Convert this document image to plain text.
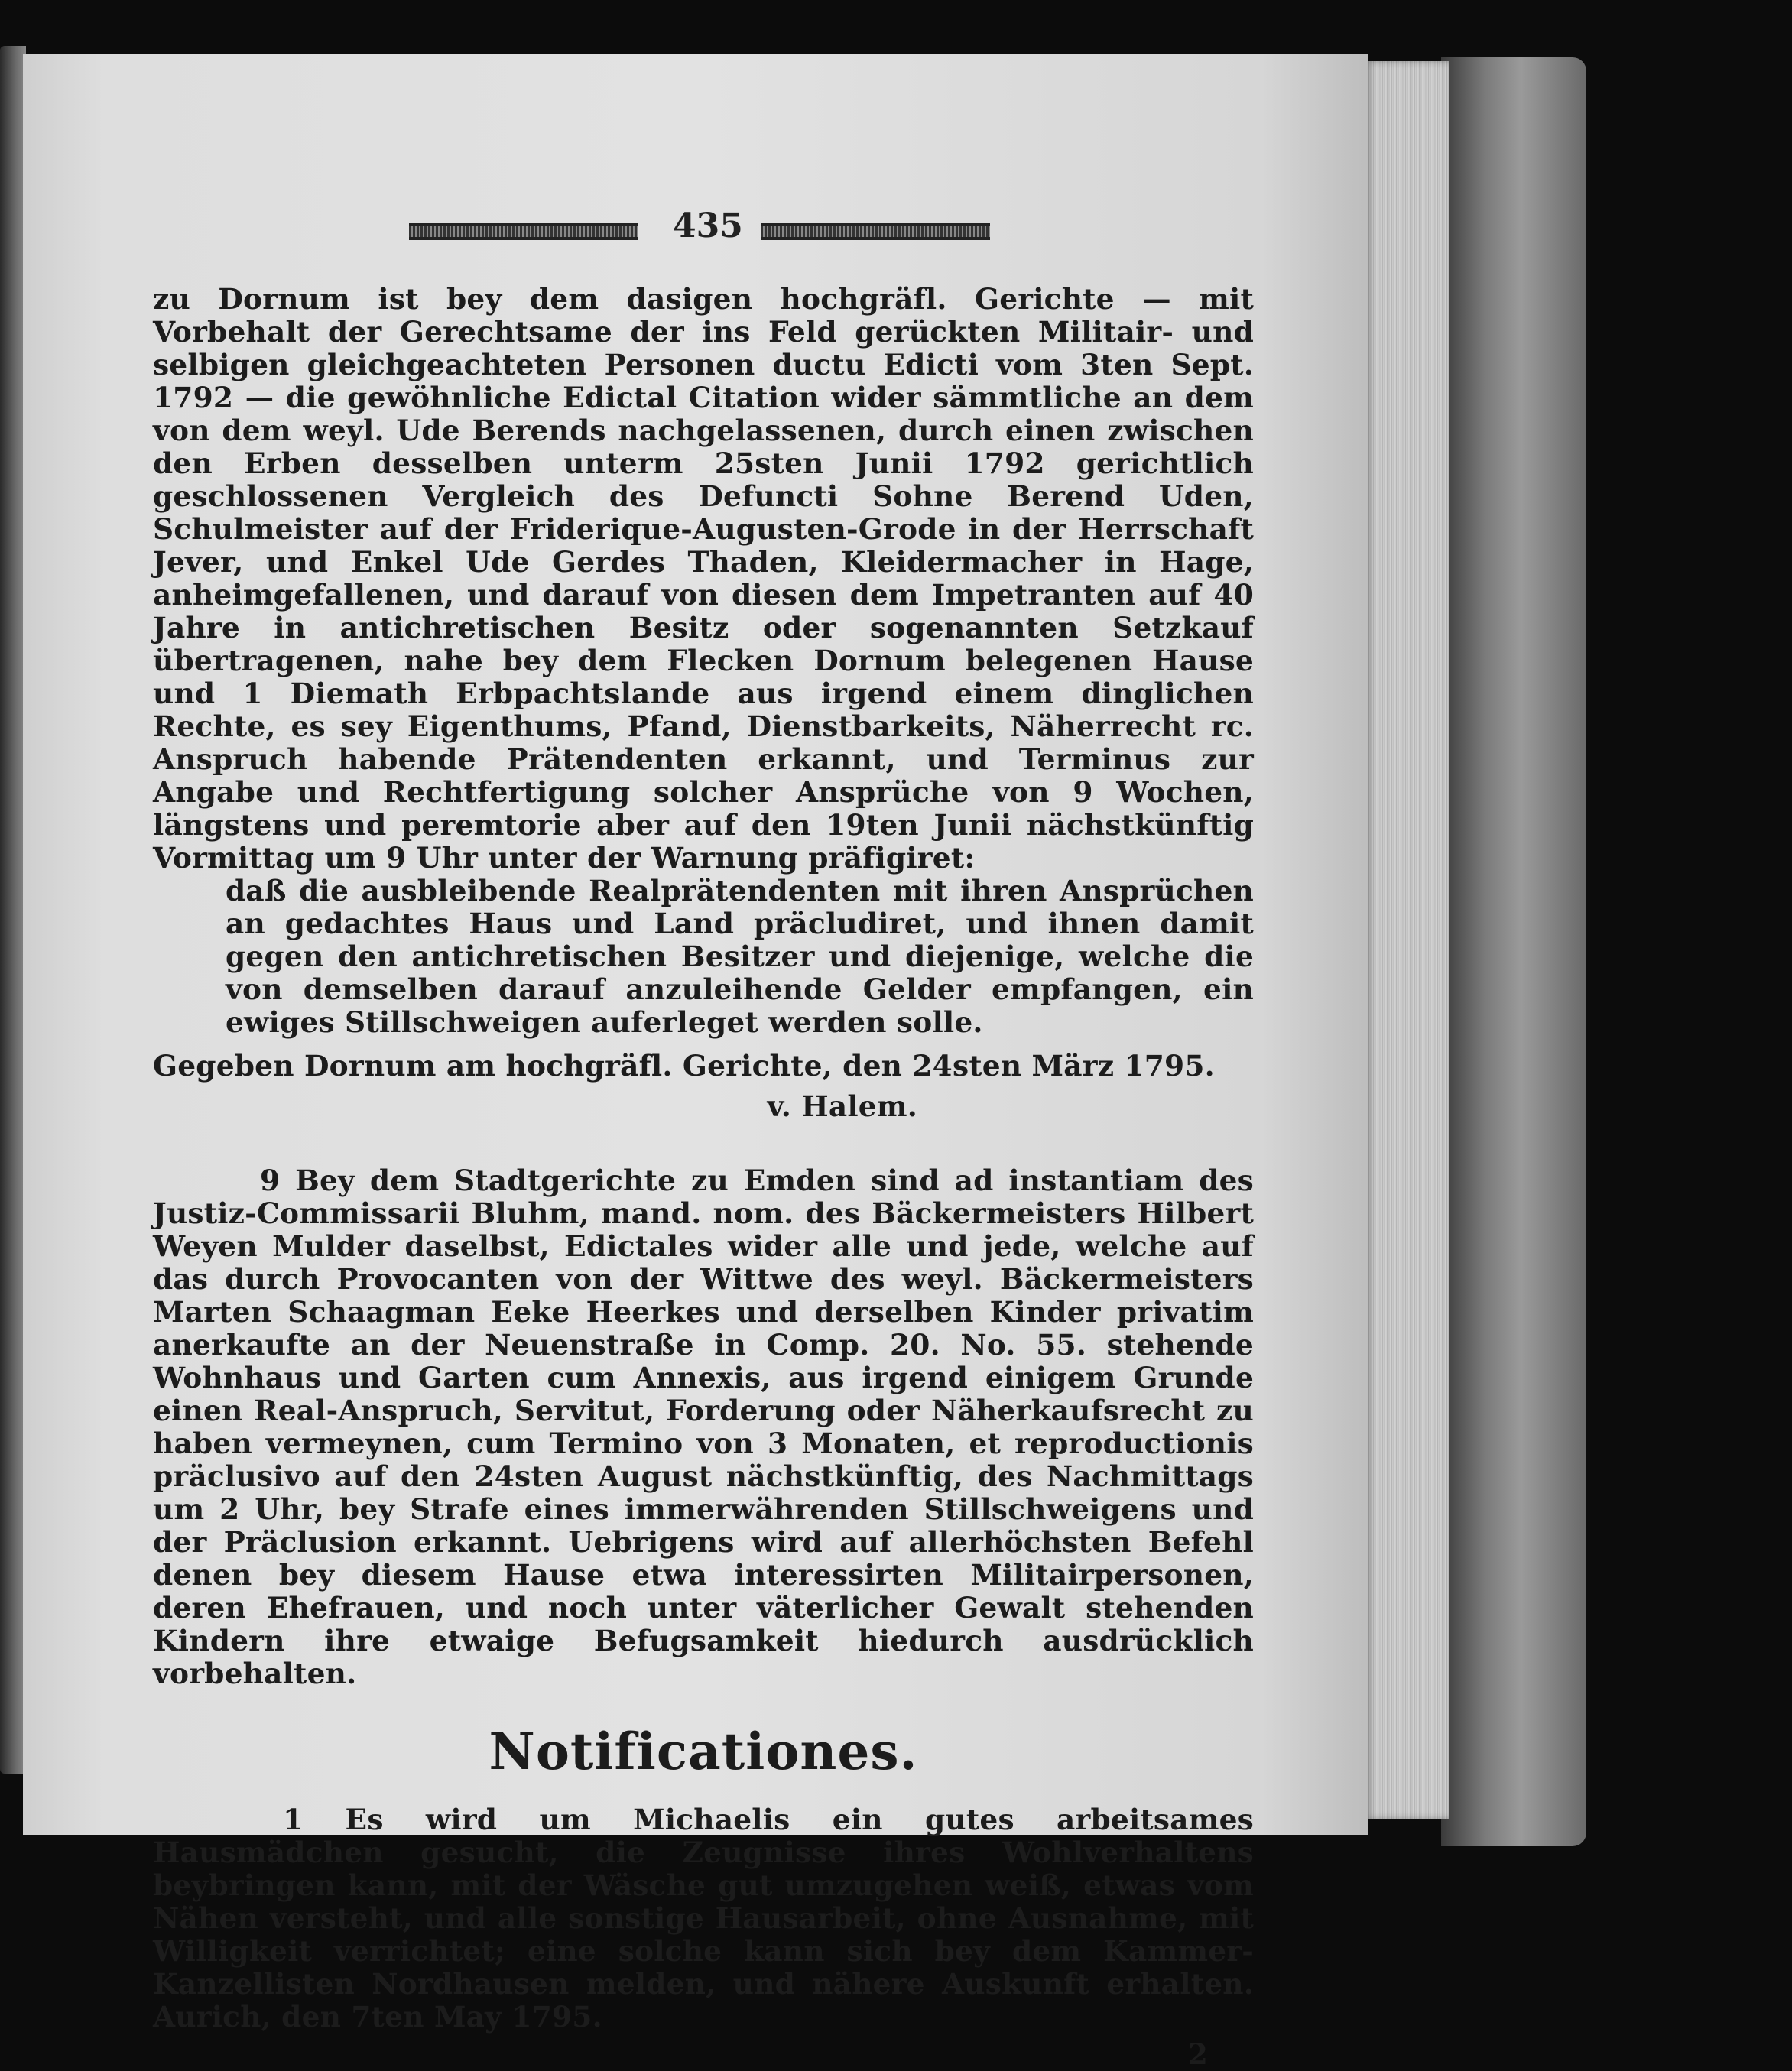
435

zu Dornum ist bey dem dasigen hochgräfl. Gerichte — mit Vorbehalt der Gerechtsame der ins Feld gerückten Militair- und selbigen gleichgeachteten Personen ductu Edicti vom 3ten Sept. 1792 — die gewöhnliche Edictal Citation wider sämmtliche an dem von dem weyl. Ude Berends nachgelassenen, durch einen zwischen den Erben desselben unterm 25sten Junii 1792 gerichtlich geschlossenen Vergleich des Defuncti Sohne Berend Uden, Schulmeister auf der Friderique-Augusten-Grode in der Herrschaft Jever, und Enkel Ude Gerdes Thaden, Kleidermacher in Hage, anheimgefallenen, und darauf von diesen dem Impetranten auf 40 Jahre in antichretischen Besitz oder sogenannten Setzkauf übertragenen, nahe bey dem Flecken Dornum belegenen Hause und 1 Diemath Erbpachtslande aus irgend einem dinglichen Rechte, es sey Eigenthums, Pfand, Dienstbarkeits, Näherrecht rc. Anspruch habende Prätendenten erkannt, und Terminus zur Angabe und Rechtfertigung solcher Ansprüche von 9 Wochen, längstens und peremtorie aber auf den 19ten Junii nächstkünftig Vormittag um 9 Uhr unter der Warnung präfigiret:

daß die ausbleibende Realprätendenten mit ihren Ansprüchen an gedachtes Haus und Land präcludiret, und ihnen damit gegen den antichretischen Besitzer und diejenige, welche die von demselben darauf anzuleihende Gelder empfangen, ein ewiges Stillschweigen auferleget werden solle.

Gegeben Dornum am hochgräfl. Gerichte, den 24sten März 1795.

v. Halem.

9 Bey dem Stadtgerichte zu Emden sind ad instantiam des Justiz-Commissarii Bluhm, mand. nom. des Bäckermeisters Hilbert Weyen Mulder daselbst, Edictales wider alle und jede, welche auf das durch Provocanten von der Wittwe des weyl. Bäckermeisters Marten Schaagman Eeke Heerkes und derselben Kinder privatim anerkaufte an der Neuenstraße in Comp. 20. No. 55. stehende Wohnhaus und Garten cum Annexis, aus irgend einigem Grunde einen Real-Anspruch, Servitut, Forderung oder Näherkaufsrecht zu haben vermeynen, cum Termino von 3 Monaten, et reproductionis präclusivo auf den 24sten August nächstkünftig, des Nachmittags um 2 Uhr, bey Strafe eines immerwährenden Stillschweigens und der Präclusion erkannt. Uebrigens wird auf allerhöchsten Befehl denen bey diesem Hause etwa interessirten Militairpersonen, deren Ehefrauen, und noch unter väterlicher Gewalt stehenden Kindern ihre etwaige Befugsamkeit hiedurch ausdrücklich vorbehalten.

Notificationes.

1 Es wird um Michaelis ein gutes arbeitsames Hausmädchen gesucht, die Zeugnisse ihres Wohlverhaltens beybringen kann, mit der Wäsche gut umzugehen weiß, etwas vom Nähen versteht, und alle sonstige Hausarbeit, ohne Ausnahme, mit Willigkeit verrichtet; eine solche kann sich bey dem Kammer-Kanzellisten Nordhausen melden, und nähere Auskunft erhalten. Aurich, den 7ten May 1795.

2
